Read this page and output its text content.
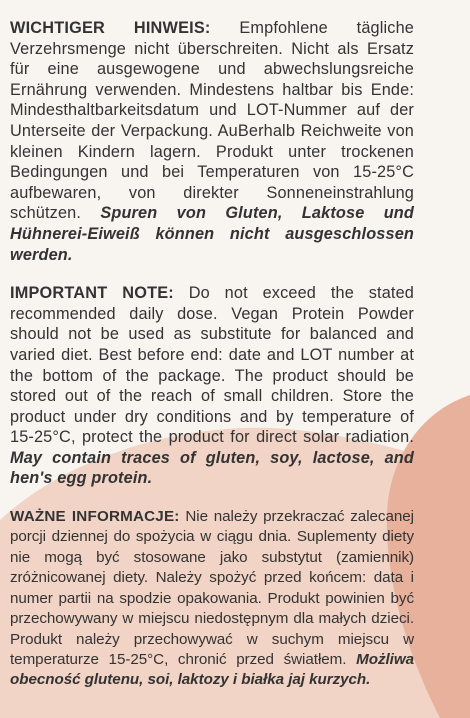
WICHTIGER HINWEIS: Empfohlene tägliche Verzehrsmenge nicht überschreiten. Nicht als Ersatz für eine ausgewogene und abwechslungsreiche Ernährung verwenden. Mindestens haltbar bis Ende: Mindesthaltbarkeitsdatum und LOT-Nummer auf der Unterseite der Verpackung. AuBerhalb Reichweite von kleinen Kindern lagern. Produkt unter trockenen Bedingungen und bei Temperaturen von 15-25°C aufbewaren, von direkter Sonneneinstrahlung schützen. Spuren von Gluten, Laktose und Hühnerei-Eiweiß können nicht ausgeschlossen werden.

IMPORTANT NOTE: Do not exceed the stated recommended daily dose. Vegan Protein Powder should not be used as substitute for balanced and varied diet. Best before end: date and LOT number at the bottom of the package. The product should be stored out of the reach of small children. Store the product under dry conditions and by temperature of 15-25°C, protect the product for direct solar radiation. May contain traces of gluten, soy, lactose, and hen's egg protein.

WAŻNE INFORMACJE: Nie należy przekraczać zalecanej porcji dziennej do spożycia w ciągu dnia. Suplementy diety nie mogą być stosowane jako substytut (zamiennik) zróżnicowanej diety. Należy spożyć przed końcem: data i numer partii na spodzie opakowania. Produkt powinien być przechowywany w miejscu niedostępnym dla małych dzieci. Produkt należy przechowywać w suchym miejscu w temperaturze 15-25°C, chronić przed światłem. Możliwa obecność glutenu, soi, laktozy i białka jaj kurzych.
